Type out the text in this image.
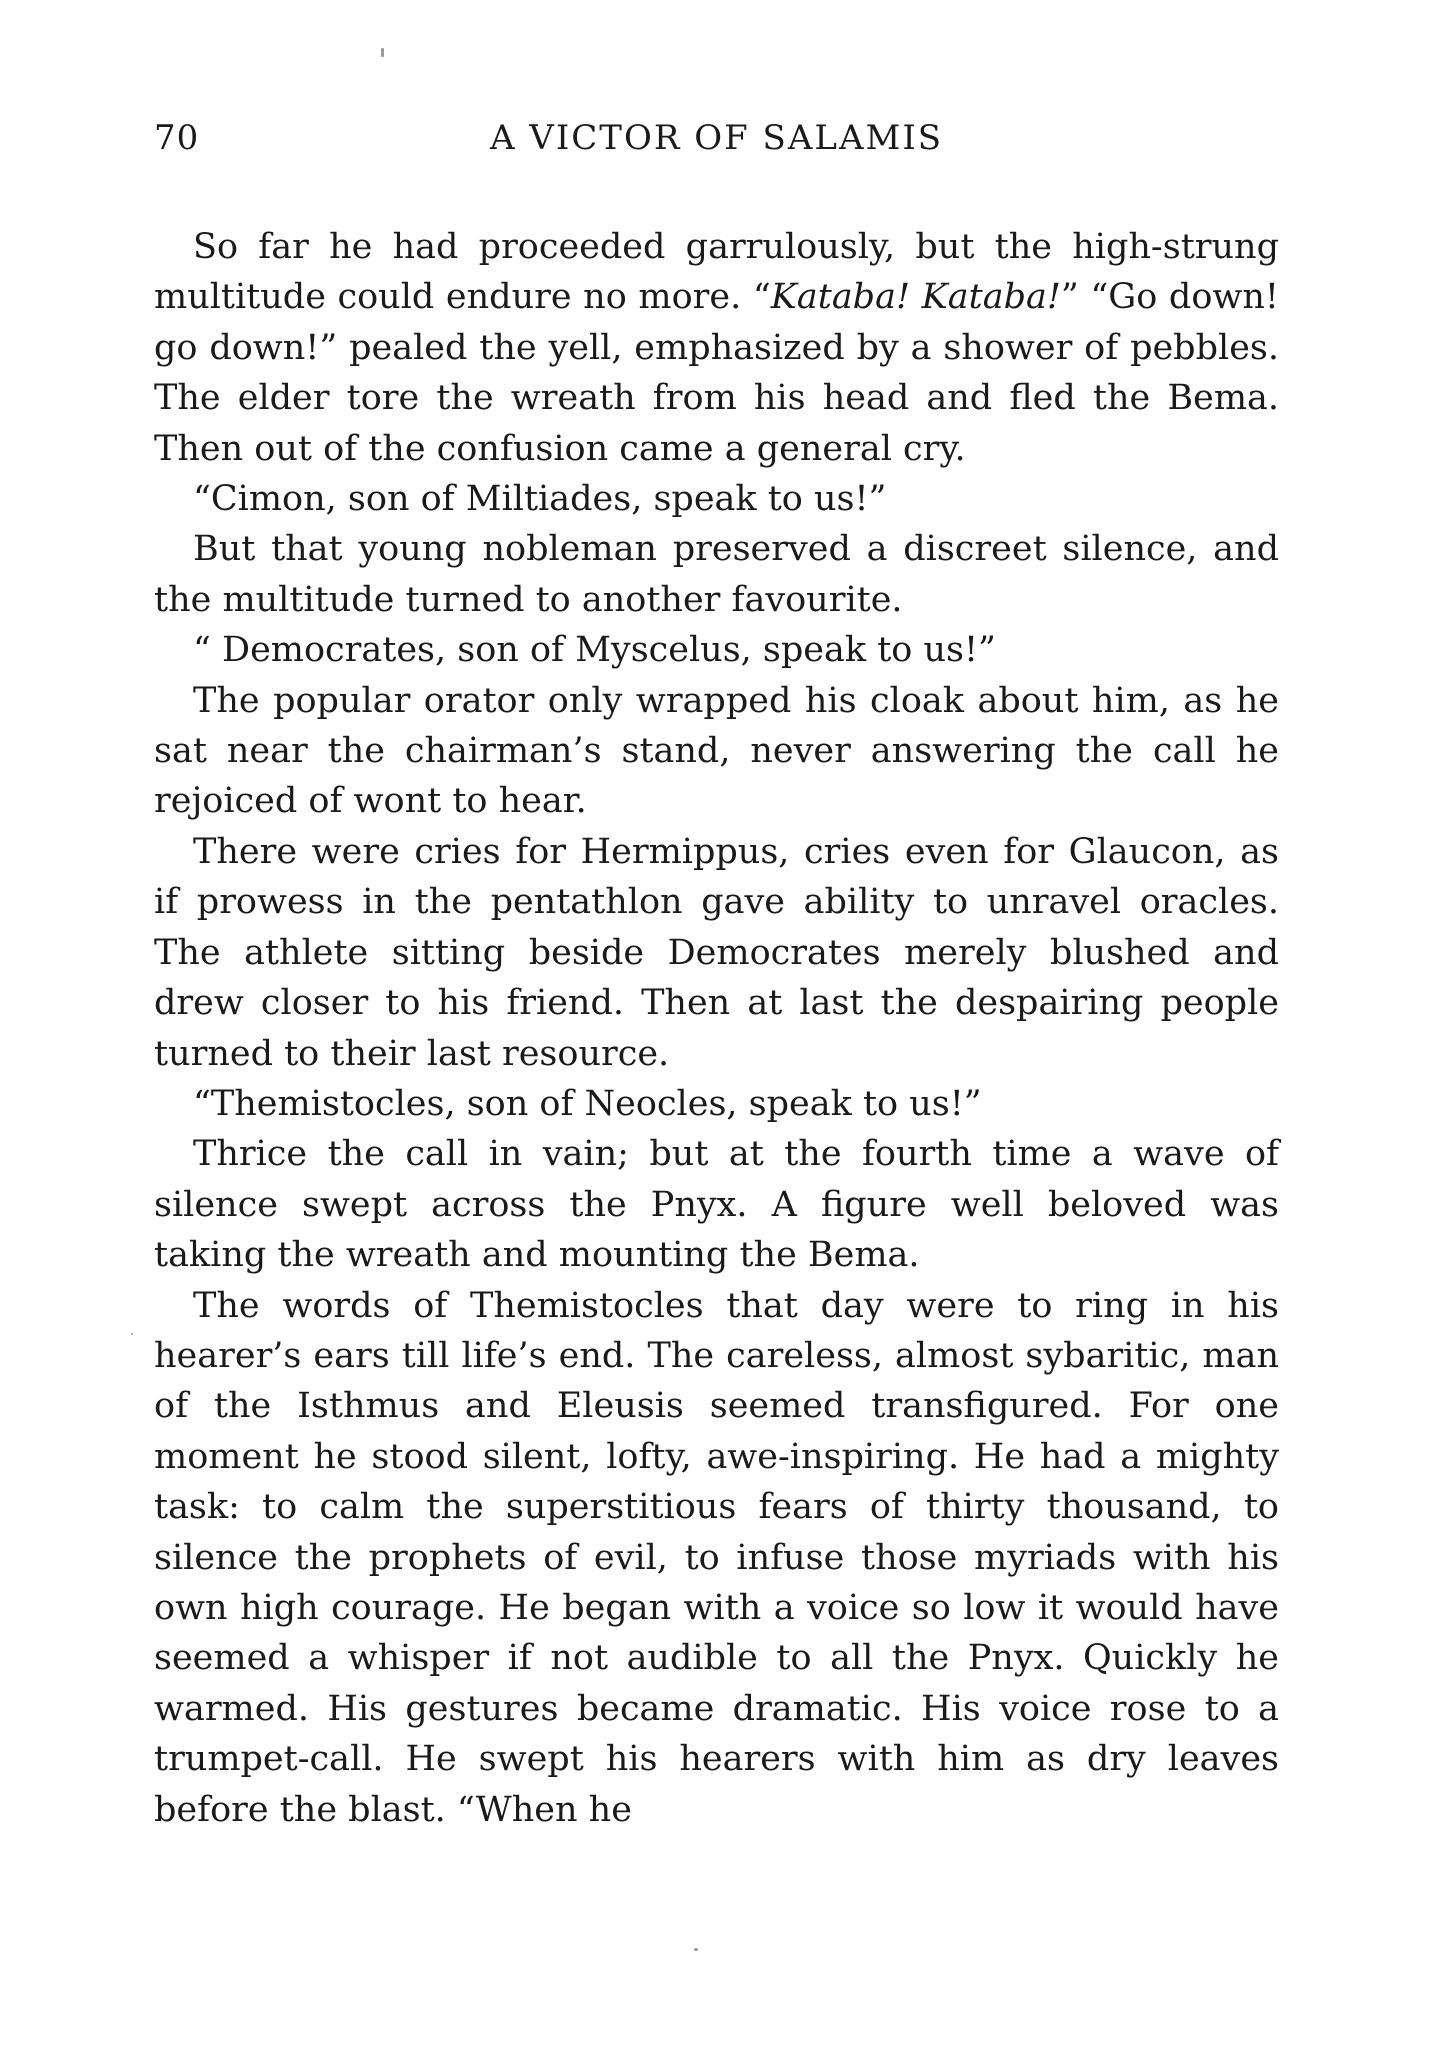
70	A VICTOR OF SALAMIS

So far he had proceeded garrulously, but the high-strung multitude could endure no more. “Kataba! Kataba!” “Go down! go down!” pealed the yell, emphasized by a shower of pebbles. The elder tore the wreath from his head and fled the Bema. Then out of the confusion came a general cry.

“Cimon, son of Miltiades, speak to us!”

But that young nobleman preserved a discreet silence, and the multitude turned to another favourite.

“ Democrates, son of Myscelus, speak to us!”

The popular orator only wrapped his cloak about him, as he sat near the chairman’s stand, never answering the call he rejoiced of wont to hear.

There were cries for Hermippus, cries even for Glaucon, as if prowess in the pentathlon gave ability to unravel oracles. The athlete sitting beside Democrates merely blushed and drew closer to his friend. Then at last the despairing people turned to their last resource.

“Themistocles, son of Neocles, speak to us!”

Thrice the call in vain; but at the fourth time a wave of silence swept across the Pnyx. A figure well beloved was taking the wreath and mounting the Bema.

The words of Themistocles that day were to ring in his hearer’s ears till life’s end. The careless, almost sybaritic, man of the Isthmus and Eleusis seemed transfigured. For one moment he stood silent, lofty, awe-inspiring. He had a mighty task: to calm the superstitious fears of thirty thousand, to silence the prophets of evil, to infuse those myriads with his own high courage. He began with a voice so low it would have seemed a whisper if not audible to all the Pnyx. Quickly he warmed. His gestures became dramatic. His voice rose to a trumpet-call. He swept his hearers with him as dry leaves before the blast. “When he
